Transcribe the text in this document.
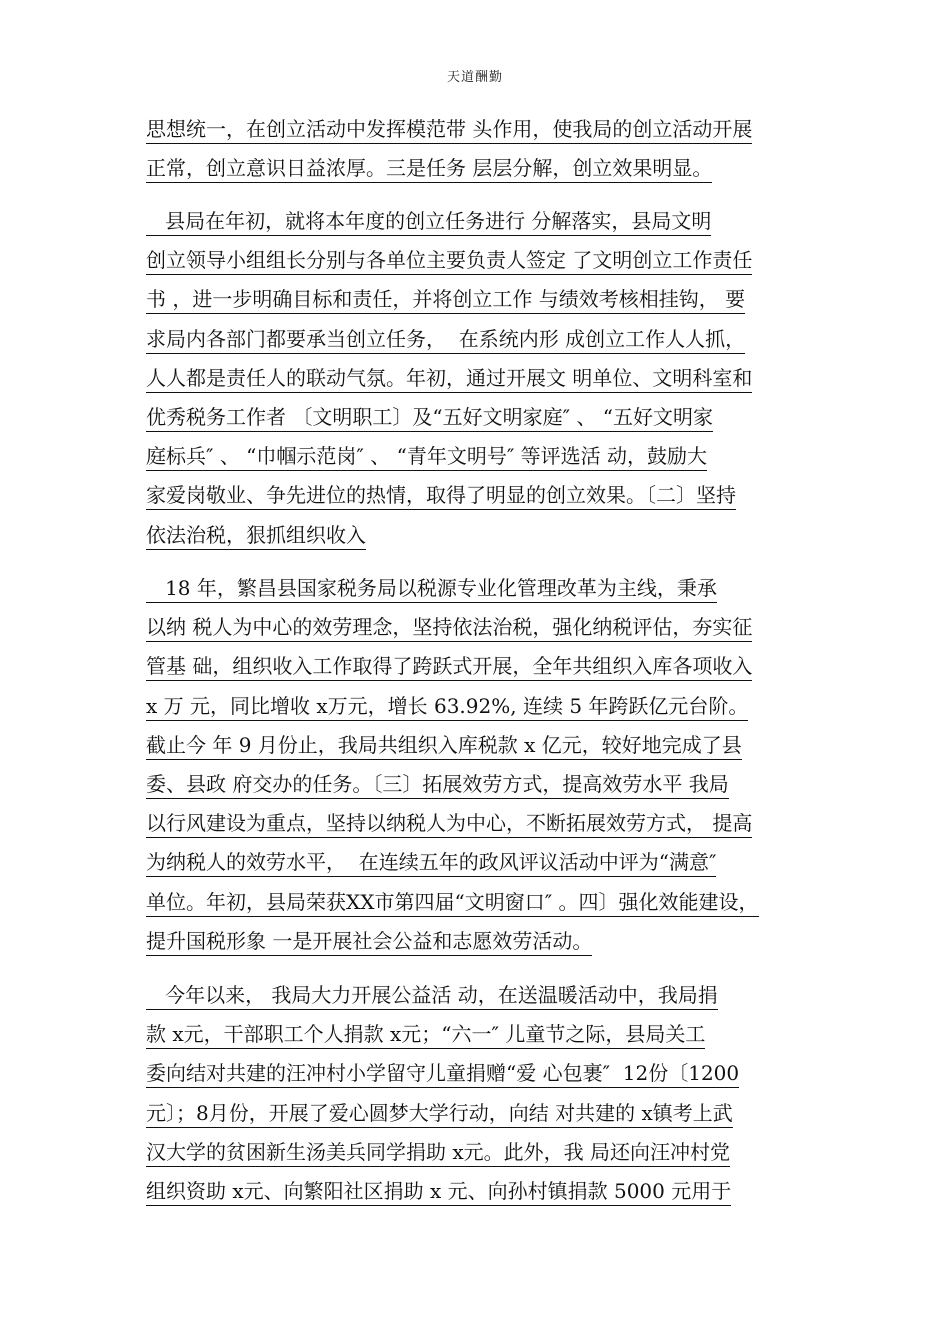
天道酬勤
思想统一，在创立活动中发挥模范带 头作用，使我局的创立活动开展
正常，创立意识日益浓厚。三是任务 层层分解，创立效果明显。
县局在年初，就将本年度的创立任务进行 分解落实，县局文明
创立领导小组组长分别与各单位主要负责人签定 了文明创立工作责任
书 ，进一步明确目标和责任，并将创立工作 与绩效考核相挂钩， 要
求局内各部门都要承当创立任务，  在系统内形 成创立工作人人抓，
人人都是责任人的联动气氛。年初，通过开展文 明单位、文明科室和
优秀税务工作者 〔文明职工〕及“五好文明家庭″ 、 “五好文明家
庭标兵″ 、 “巾帼示范岗″ 、 “青年文明号″ 等评选活 动，鼓励大
家爱岗敬业、争先进位的热情，取得了明显的创立效果。〔二〕坚持
依法治税，狠抓组织收入
18 年，繁昌县国家税务局以税源专业化管理改革为主线，秉承
以纳 税人为中心的效劳理念，坚持依法治税，强化纳税评估，夯实征
管基 础，组织收入工作取得了跨跃式开展，全年共组织入库各项收入
x 万 元，同比增收 x万元，增长 63.92%, 连续 5 年跨跃亿元台阶。
截止今 年 9 月份止，我局共组织入库税款 x 亿元，较好地完成了县
委、县政 府交办的任务。〔三〕拓展效劳方式，提高效劳水平 我局
以行风建设为重点，坚持以纳税人为中心，不断拓展效劳方式， 提高
为纳税人的效劳水平，  在连续五年的政风评议活动中评为“满意″
单位。年初，县局荣获XX市第四届“文明窗口″ 。四〕强化效能建设，
提升国税形象 一是开展社会公益和志愿效劳活动。
今年以来， 我局大力开展公益活 动，在送温暖活动中，我局捐
款 x元，干部职工个人捐款 x元；“六一″ 儿童节之际，县局关工
委向结对共建的汪冲村小学留守儿童捐赠“爱 心包裹″  12份〔1200
元〕；8月份，开展了爱心圆梦大学行动，向结 对共建的 x镇考上武
汉大学的贫困新生汤美兵同学捐助 x元。此外，我 局还向汪冲村党
组织资助 x元、向繁阳社区捐助 x 元、向孙村镇捐款 5000 元用于
